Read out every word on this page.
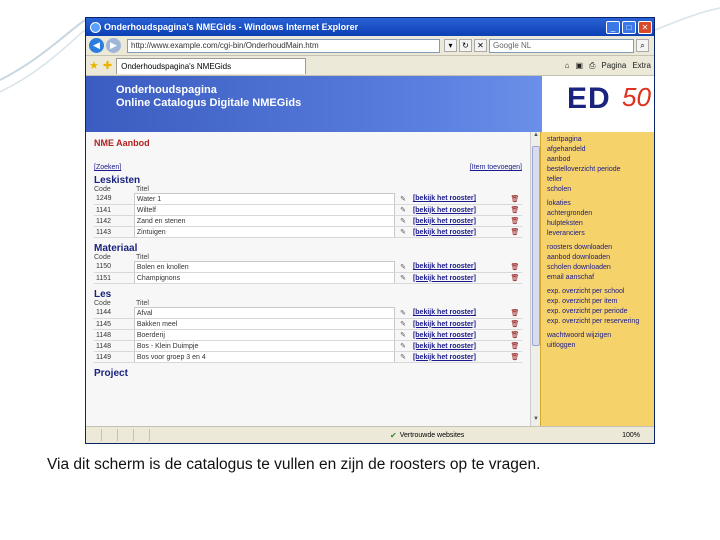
Onderhoudspagina's NMEGids - Windows Internet Explorer	_	□	✕
◀	▶	http://www.example.com/cgi-bin/OnderhoudMain.htm	▾	↻	✕	Google NL	⌕
★ ✚	Onderhoudspagina's NMEGids	⌂ ▣ ⎙ Pagina Extra
Onderhoudspagina
Online Catalogus Digitale NMEGids	ED 50
NME Aanbod
[Zoeken]	[Item toevoegen]
Leskisten
Code	Titel
1249	Water 1	✎	[bekijk het rooster]	🗑
1141	Wiltelf	✎	[bekijk het rooster]	🗑
1142	Zand en stenen	✎	[bekijk het rooster]	🗑
1143	Zintuigen	✎	[bekijk het rooster]	🗑
Materiaal
Code	Titel
1150	Bolen en knollen	✎	[bekijk het rooster]	🗑
1151	Champignons	✎	[bekijk het rooster]	🗑
Les
Code	Titel
1144	Afval	✎	[bekijk het rooster]	🗑
1145	Bakken meel	✎	[bekijk het rooster]	🗑
1148	Boerderij	✎	[bekijk het rooster]	🗑
1148	Bos - Klein Duimpje	✎	[bekijk het rooster]	🗑
1149	Bos voor groep 3 en 4	✎	[bekijk het rooster]	🗑
Project
▲
▼
startpagina
afgehandeld
aanbod
bestelloverzicht periode
teller
scholen
lokaties
achtergronden
hulpteksten
leveranciers
roosters downloaden
aanbod downloaden
scholen downloaden
email aanschaf
exp. overzicht per school
exp. overzicht per item
exp. overzicht per periode
exp. overzicht per reservering
wachtwoord wijzigen
uitloggen
✔ Vertrouwde websites	100%
Via dit scherm is de catalogus te vullen en zijn de roosters op te vragen.
